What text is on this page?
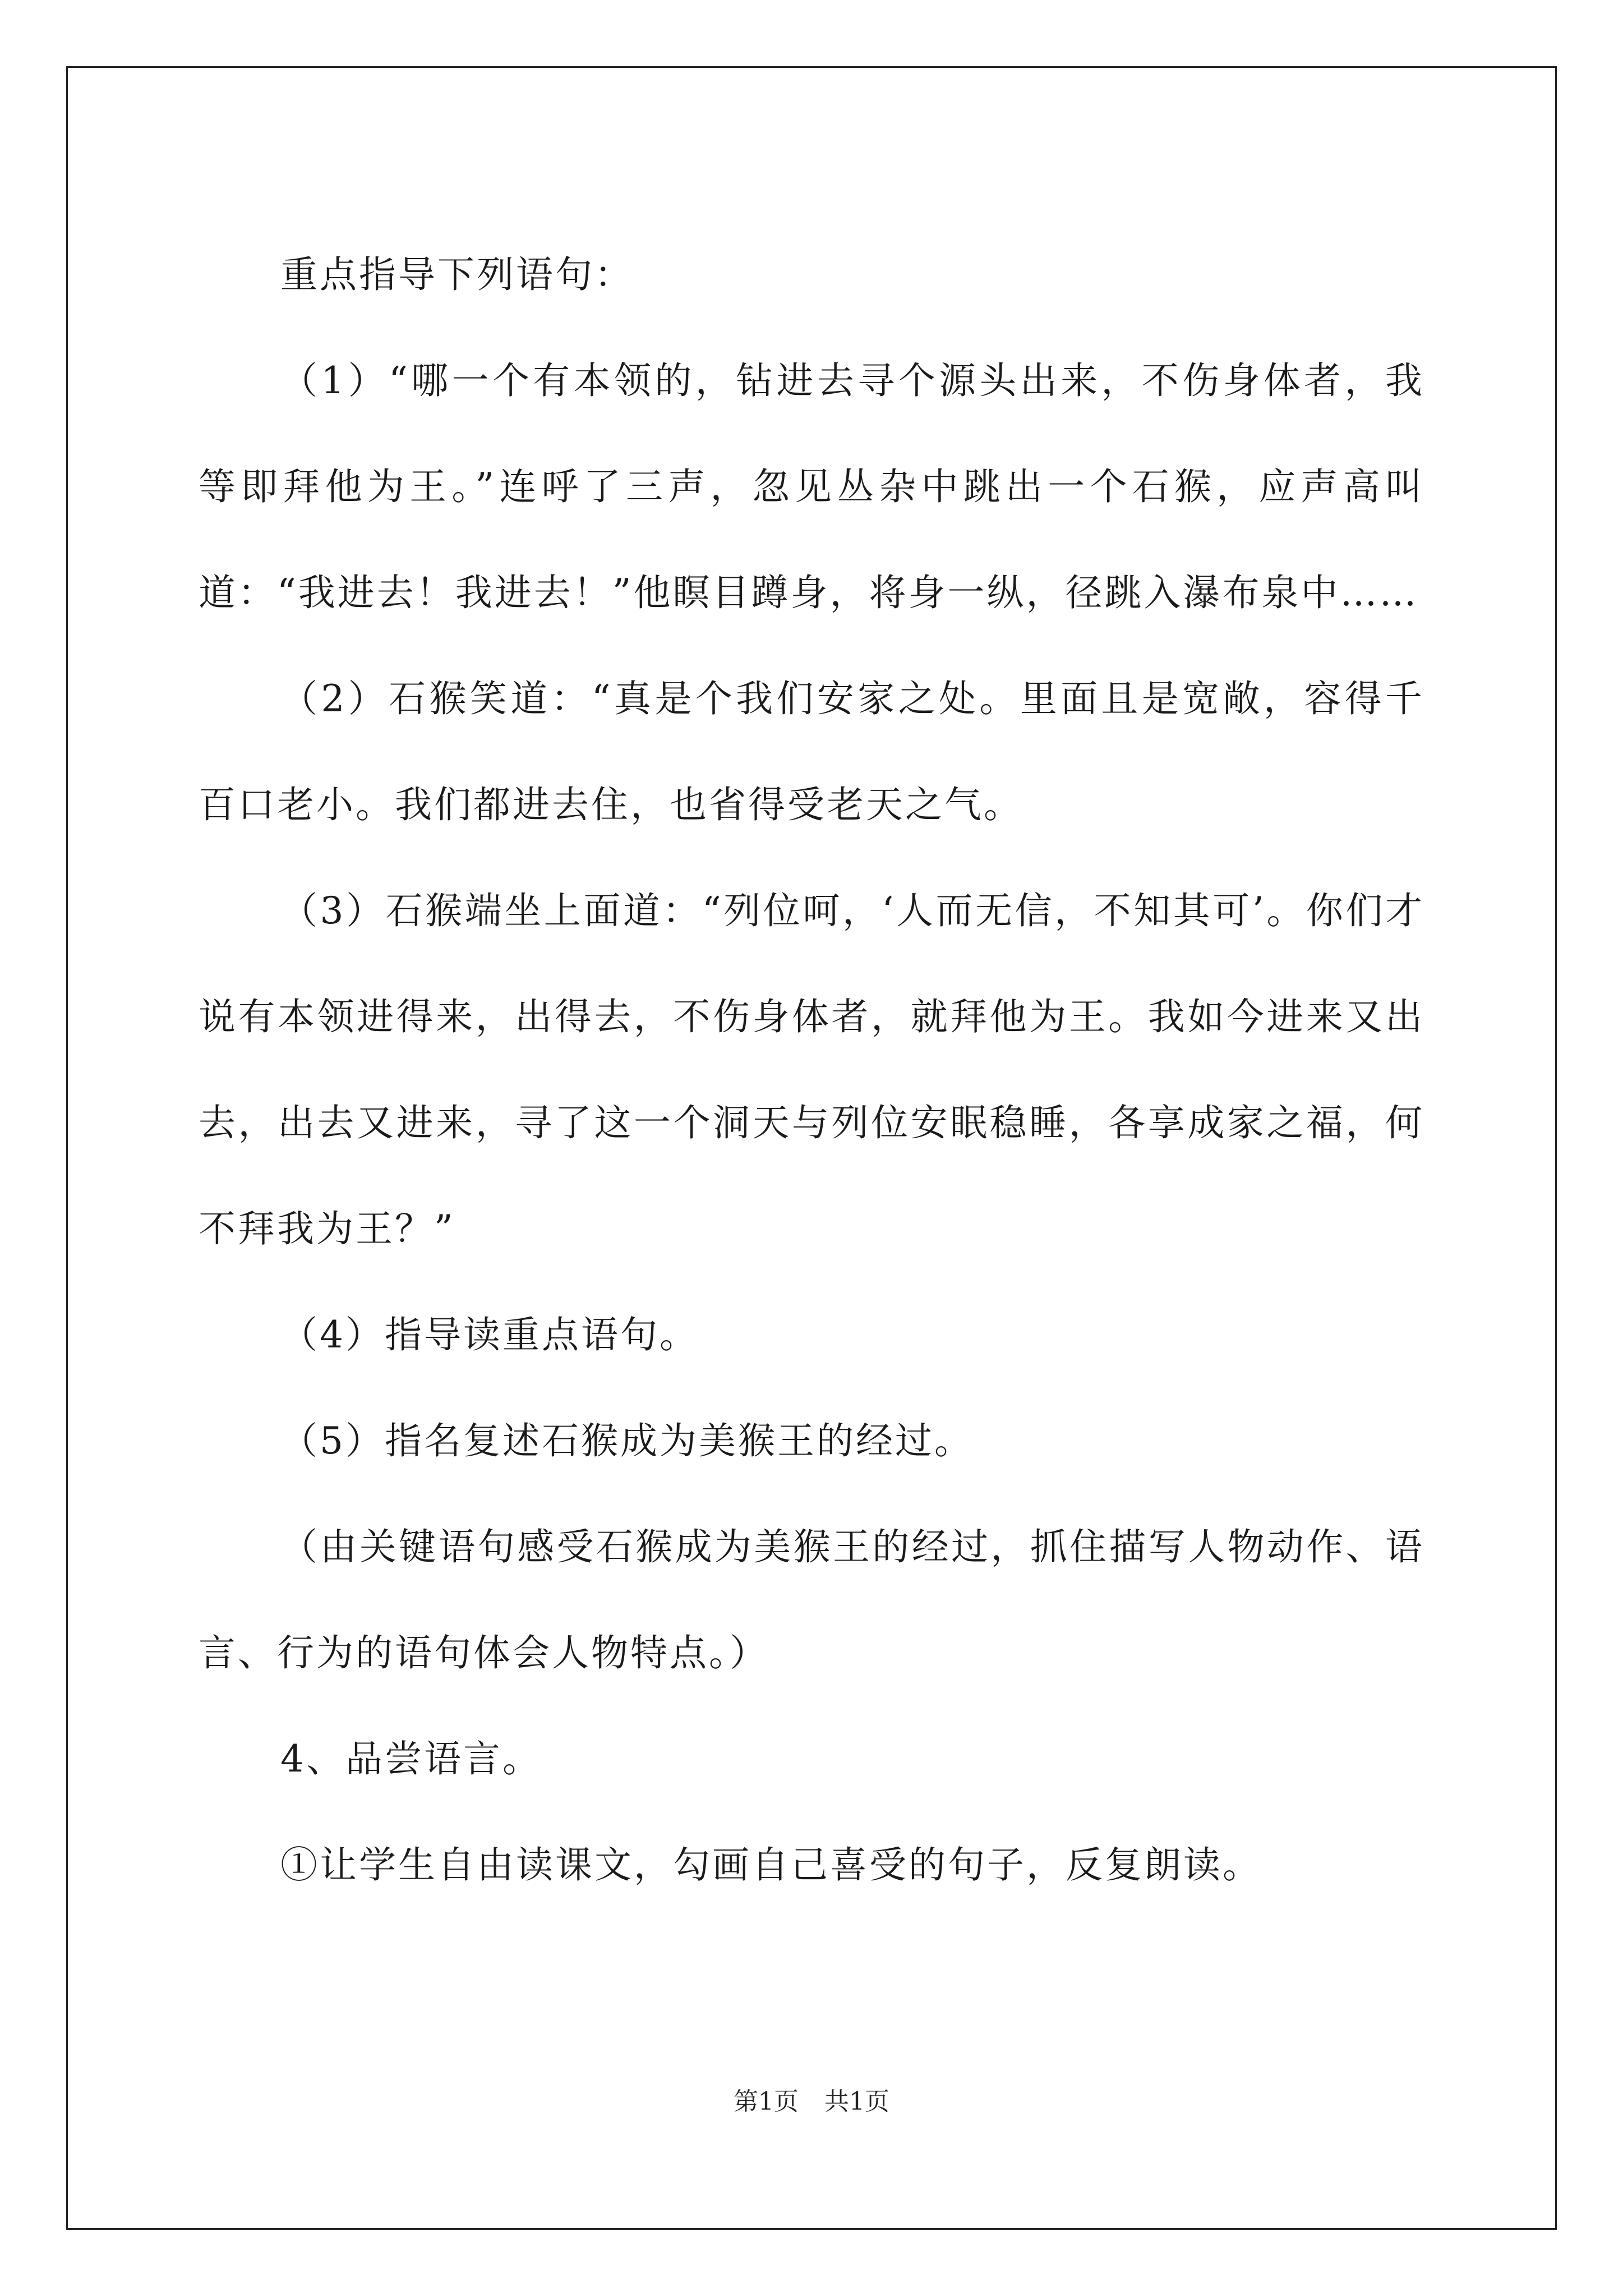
重点指导下列语句：

（1）“哪一个有本领的，钻进去寻个源头出来，不伤身体者，我等即拜他为王。”连呼了三声，忽见丛杂中跳出一个石猴，应声高叫道：“我进去！我进去！”他瞑目蹲身，将身一纵，径跳入瀑布泉中……

（2）石猴笑道：“真是个我们安家之处。里面且是宽敞，容得千百口老小。我们都进去住，也省得受老天之气。

（3）石猴端坐上面道：“列位呵，‘人而无信，不知其可’。你们才说有本领进得来，出得去，不伤身体者，就拜他为王。我如今进来又出去，出去又进来，寻了这一个洞天与列位安眠稳睡，各享成家之福，何不拜我为王？”

（4）指导读重点语句。

（5）指名复述石猴成为美猴王的经过。

（由关键语句感受石猴成为美猴王的经过，抓住描写人物动作、语言、行为的语句体会人物特点。）

4、品尝语言。

①让学生自由读课文，勾画自己喜受的句子，反复朗读。

第1页 共1页
